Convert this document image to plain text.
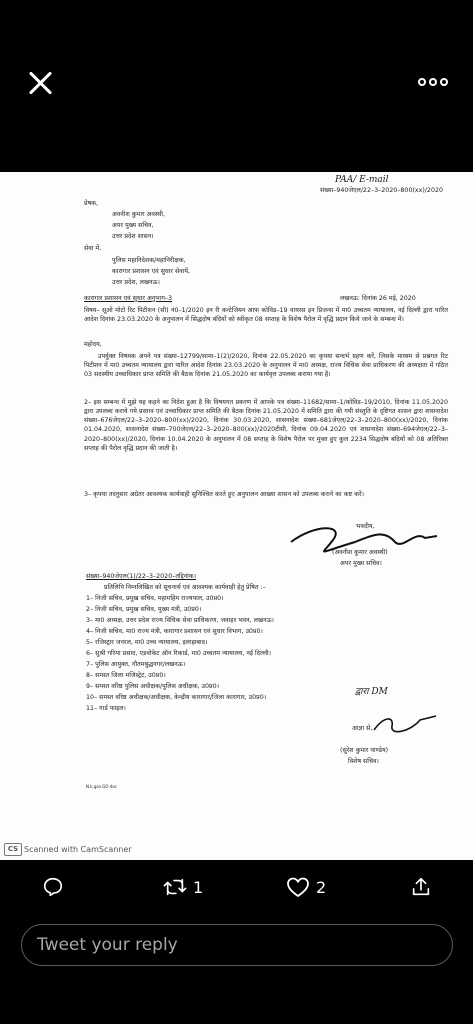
PAA/ E-mail
संख्या–940जेएल/22–3–2020–800(xx)/2020
प्रेषक,
अवनीश कुमार अवस्थी,
अपर मुख्य सचिव,
उत्तर प्रदेश शासन।
सेवा में,
पुलिस महानिदेशक/महानिरीक्षक,
कारागार प्रशासन एवं सुधार सेवायें,
उत्तर प्रदेश, लखनऊ।
कारागार प्रशासन एवं सुधार अनुभाग–3	लखनऊ: दिनांक 26 मई, 2020
विषय– सूओ मोटो रिट पिटीशन (सी) नं0–1/2020 इन री कन्टेजियन आफ कोविड–19 वायरस इन प्रिजन्स में मा0 उच्चतम न्यायालय, नई दिल्ली द्वारा पारित आदेश दिनांक 23.03.2020 के अनुपालन में सिद्धदोष बंदियों को स्वीकृत 08 सप्ताह के विशेष पैरोल में वृद्धि प्रदान किये जाने के सम्बन्ध में।
महोदय,
उपर्युक्त विषयक अपने पत्र संख्या–12799/सामा–1(2)/2020, दिनांक 22.05.2020 का कृपया सन्दर्भ ग्रहण करें, जिसके माध्यम से प्रश्नगत रिट पिटीशन में मा0 उच्चतम न्यायालय द्वारा पारित आदेश दिनांक 23.03.2020 के अनुपालन में मा0 अध्यक्ष, राज्य विधिक सेवा प्राधिकरण की अध्यक्षता में गठित 03 सदस्यीय उच्चाधिकार प्राप्त समिति की बैठक दिनांक 21.05.2020 का कार्यवृत्त उपलब्ध कराया गया है।
2– इस सम्बन्ध में मुझे यह कहने का निदेश हुआ है कि विषयगत प्रकरण में आपके पत्र संख्या–11682/सामा–1/कोविड–19/2010, दिनांक 11.05.2020 द्वारा उपलब्ध कराये गये प्रस्ताव एवं उच्चाधिकार प्राप्त समिति की बैठक दिनांक 21.05.2020 में समिति द्वारा की गयी संस्तुति के दृष्टिगत शासन द्वारा शासनादेश संख्या–676जेएल/22–3–2020–800(xx)/2020, दिनांक 30.03.2020, शासनादेश संख्या–681जेएल/22–3–2020–800(xx)/2020, दिनांक 01.04.2020, शासनादेश संख्या–700जेएल/22–3–2020–800(xx)/2020टीसी, दिनांक 09.04.2020 एवं शासनादेश संख्या–694जेएल/22–3–2020–800(xx)/2020, दिनांक 10.04.2020 के अनुपालन में 08 सप्ताह के विशेष पैरोल पर मुक्त हुए कुल 2234 सिद्धदोष बंदियों को 08 अतिरिक्त सप्ताह की पैरोल वृद्धि प्रदान की जाती है।
3– कृपया तदनुसार अग्रेतर आवश्यक कार्यवाही सुनिश्चित करते हुए अनुपालन आख्या शासन को उपलब्ध कराने का कष्ट करें।
भवदीय,
(अवनीश कुमार अवस्थी)
अपर मुख्य सचिव।
संख्या–940जेएल(1)/22–3–2020–तद्दिनांक।
प्रतिलिपि निम्नलिखित को सूचनार्थ एवं आवश्यक कार्यवाही हेतु प्रेषित :–
1– निजी सचिव, प्रमुख सचिव, महामहिम राज्यपाल, उ0प्र0।
2– निजी सचिव, प्रमुख सचिव, मुख्य मंत्री, उ0प्र0।
3– मा0 अध्यक्ष, उत्तर प्रदेश राज्य विधिक सेवा प्राधिकरण, जवाहर भवन, लखनऊ।
4– निजी सचिव, मा0 राज्य मंत्री, कारागार प्रशासन एवं सुधार विभाग, उ0प्र0।
5– रजिस्ट्रार जनरल, मा0 उच्च न्यायालय, इलाहाबाद।
6– सुश्री गरिमा प्रसाद, एडवोकेट ऑन रिकार्ड, मा0 उच्चतम न्यायालय, नई दिल्ली।
7– पुलिस आयुक्त, गौतमबुद्धनगर/लखनऊ।
8– समस्त जिला मजिस्ट्रेट, उ0प्र0।
9– समस्त वरिष्ठ पुलिस अधीक्षक/पुलिस अधीक्षक, उ0प्र0।
10– समस्त वरिष्ठ अधीक्षक/अधीक्षक, केन्द्रीय कारागार/जिला कारागार, उ0प्र0।
11– गार्ड फाइल।
द्वारा DM
आज्ञा से,
(सुरेश कुमार पाण्डेय)
विशेष सचिव।
N.k.gov.GO doc
CS Scanned with CamScanner
1	2
Tweet your reply
